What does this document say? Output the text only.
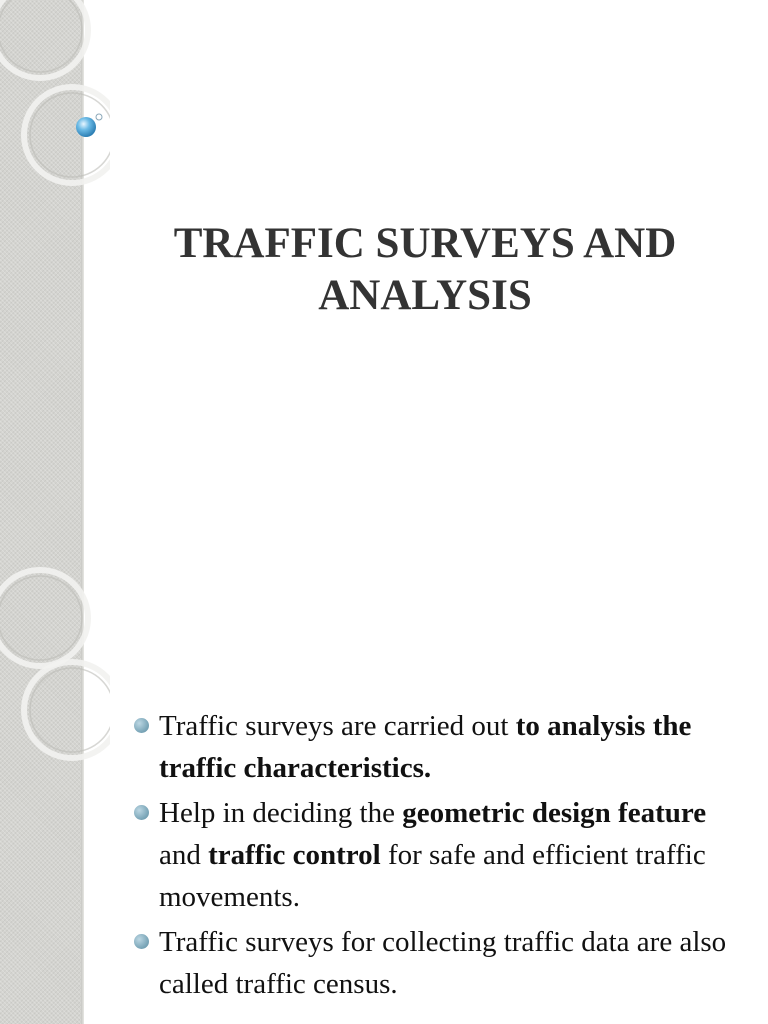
TRAFFIC SURVEYS AND
ANALYSIS
Traffic surveys are carried out to analysis the traffic characteristics.
Help in deciding the geometric design feature and traffic control for safe and efficient traffic movements.
Traffic surveys for collecting traffic data are also called traffic census.
